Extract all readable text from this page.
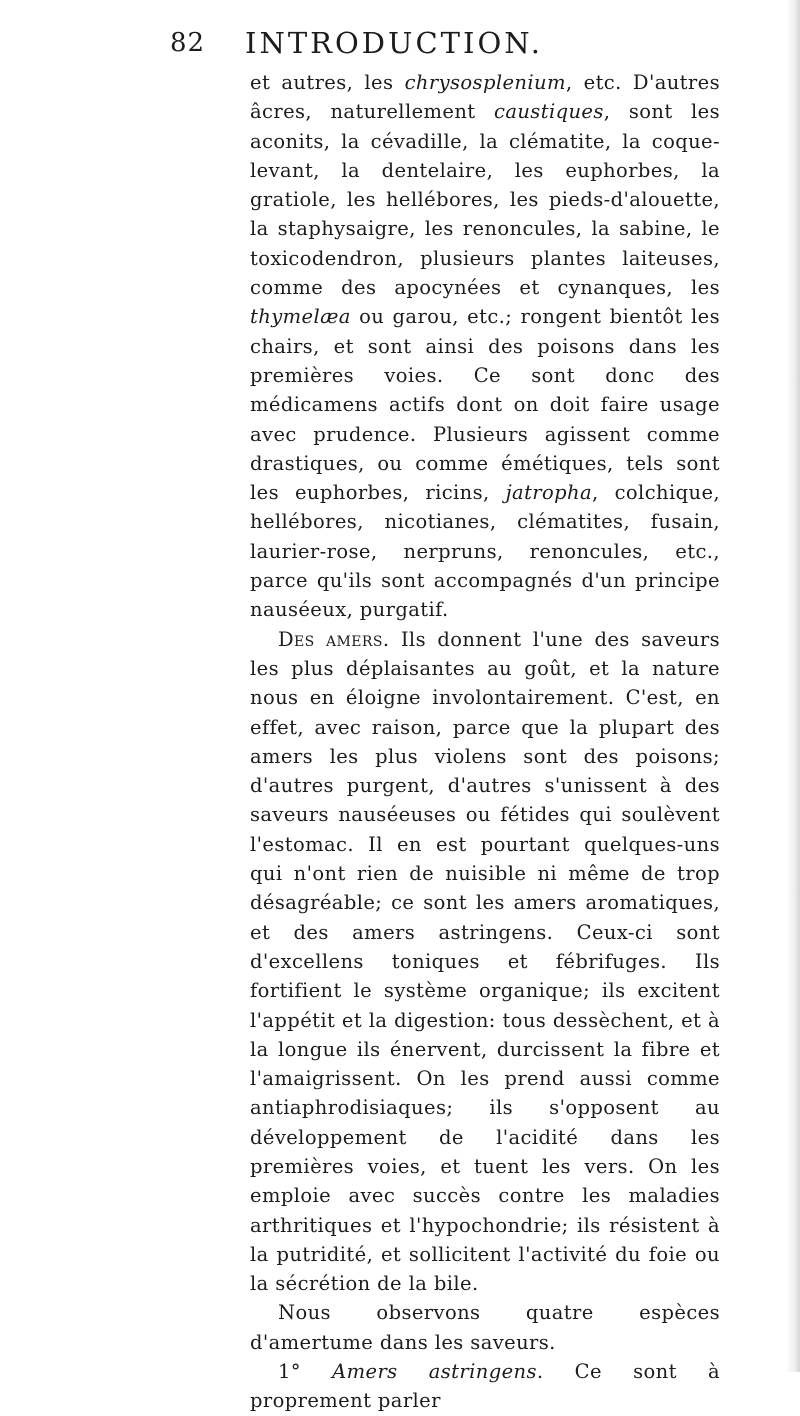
82 INTRODUCTION.

et autres, les chrysosplenium, etc. D'autres âcres, naturellement caustiques, sont les aconits, la cévadille, la clématite, la coque-levant, la dentelaire, les euphorbes, la gratiole, les hellébores, les pieds-d'alouette, la staphysaigre, les renoncules, la sabine, le toxicodendron, plusieurs plantes laiteuses, comme des apocynées et cynanques, les thymelæa ou garou, etc.; rongent bientôt les chairs, et sont ainsi des poisons dans les premières voies. Ce sont donc des médicamens actifs dont on doit faire usage avec prudence. Plusieurs agissent comme drastiques, ou comme émétiques, tels sont les euphorbes, ricins, jatropha, colchique, hellébores, nicotianes, clématites, fusain, laurier-rose, nerpruns, renoncules, etc., parce qu'ils sont accompagnés d'un principe nauséeux, purgatif.

Des amers. Ils donnent l'une des saveurs les plus déplaisantes au goût, et la nature nous en éloigne involontairement. C'est, en effet, avec raison, parce que la plupart des amers les plus violens sont des poisons; d'autres purgent, d'autres s'unissent à des saveurs nauséeuses ou fétides qui soulèvent l'estomac. Il en est pourtant quelques-uns qui n'ont rien de nuisible ni même de trop désagréable; ce sont les amers aromatiques, et des amers astringens. Ceux-ci sont d'excellens toniques et fébrifuges. Ils fortifient le système organique; ils excitent l'appétit et la digestion: tous dessèchent, et à la longue ils énervent, durcissent la fibre et l'amaigrissent. On les prend aussi comme antiaphrodisiaques; ils s'opposent au développement de l'acidité dans les premières voies, et tuent les vers. On les emploie avec succès contre les maladies arthritiques et l'hypochondrie; ils résistent à la putridité, et sollicitent l'activité du foie ou la sécrétion de la bile.

Nous observons quatre espèces d'amertume dans les saveurs.

1° Amers astringens. Ce sont à proprement parler
